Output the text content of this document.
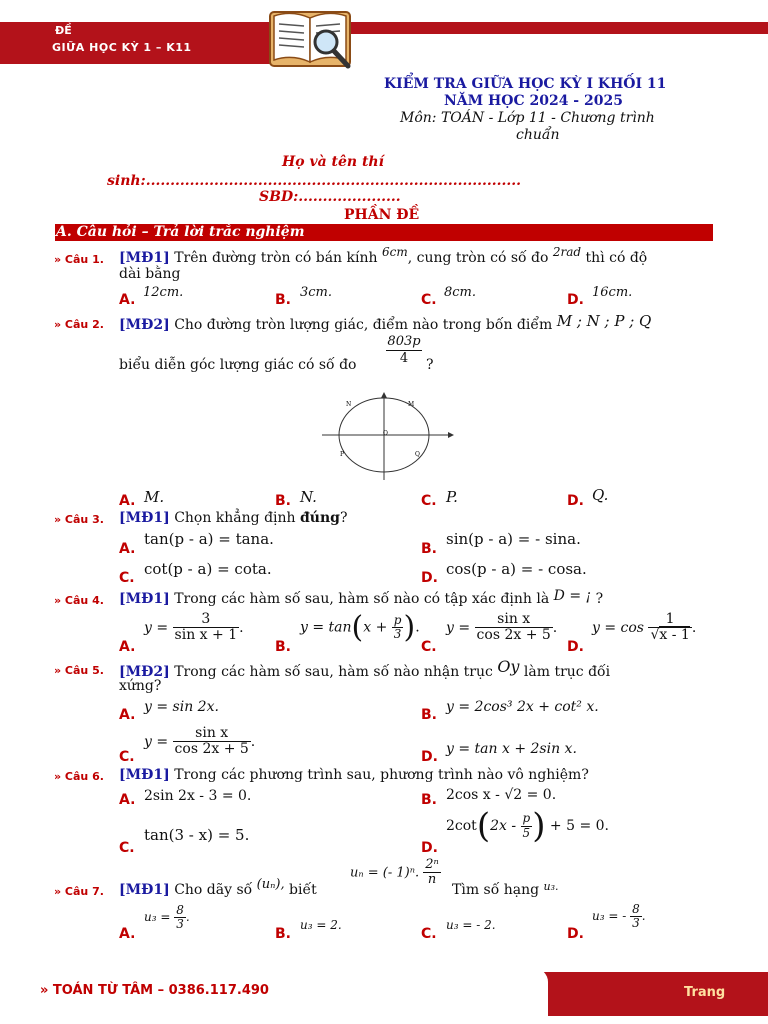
ĐỀ
GIỮA HỌC KỲ 1 – K11
KIỂM TRA GIỮA HỌC KỲ I KHỐI 11
NĂM HỌC 2024 - 2025
Môn: TOÁN - Lớp 11 - Chương trình
chuẩn
Họ và tên thí
sinh:.............................................................................
SBD:.....................
PHẦN ĐỀ
A. Câu hỏi – Trả lời trắc nghiệm
» Câu 1. [MĐ1] Trên đường tròn có bán kính 6cm, cung tròn có số đo 2rad thì có độ
dài bằng
A. 12cm.	B. 3cm.	C. 8cm.	D. 16cm.
» Câu 2. [MĐ2] Cho đường tròn lượng giác, điểm nào trong bốn điểm M ; N ; P ; Q
biểu diễn góc lượng giác có số đo
803p
4	?
N	M
O
P	Q
A. M.	B. N.	C. P.	D. Q.
» Câu 3. [MĐ1] Chọn khẳng định đúng?
A.
tan(p - a) = tana.
B.
sin(p - a) = - sina.
C. cot(p - a) = cota.	D. cos(p - a) = - cosa.
» Câu 4. [MĐ1] Trong các hàm số sau, hàm số nào có tập xác định là D = ¡ ?
A.
$y = \frac{3}{\text{sin x + 1}}$ .
B.
$y = \tan(x + \frac{p}{3}$ ).
C.
$y = \frac{\text{sin x}}{\cos 2x + 5}$ .
D.
$y = \cos \frac{1}{√x - 1}$ .
» Câu 5. [MĐ2] Trong các hàm số sau, hàm số nào nhận trục Oy làm trục đối
xứng?
A. y = sin 2x.	B. y = 2cos³ 2x + cot² x.
C.
$y = \frac{\text{sin x}}{\cos 2x + 5}$ .
D. y = tan x + 2sin x.
» Câu 6. [MĐ1] Trong các phương trình sau, phương trình nào vô nghiệm?
A. 2sin 2x - 3 = 0.	B. 2cos x - √2 = 0.
C.
tan(3 - x) = 5.
D.
$2\cot(2x - \frac{p}{5}$ ) + 5 = 0.
» Câu 7. [MĐ1] Cho dãy số (uₙ), biết
uₙ = (- 1)ⁿ. $\frac{\text{2ⁿ}}{n}$
Tìm số hạng $^{u_3.}$
A.
$u_3 = \frac{8}{3}$ .
B.
u₃ = 2.
C.
u₃ = - 2.
D.
u₃ = - $\frac{8}{3}$ .
» TOÁN TỪ TÂM – 0386.117.490	Trang
